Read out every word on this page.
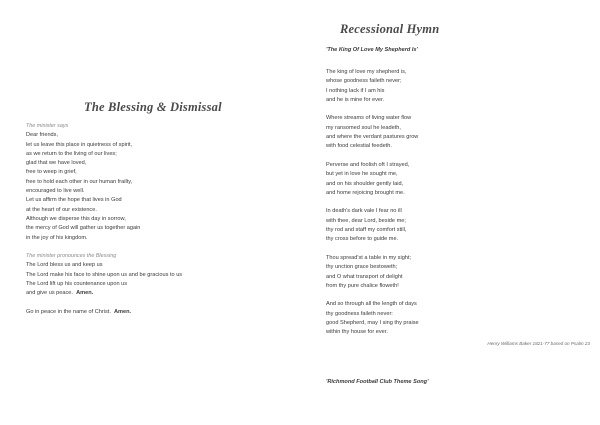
The Blessing & Dismissal
The minister says
Dear friends,
let us leave this place in quietness of spirit,
as we return to the living of our lives;
glad that we have loved,
free to weep in grief,
free to hold each other in our human frailty,
encouraged to live well.
Let us affirm the hope that lives in God
at the heart of our existence.
Although we disperse this day in sorrow,
the mercy of God will gather us together again
in the joy of his kingdom.
The minister pronounces the Blessing
The Lord bless us and keep us
The Lord make his face to shine upon us and be gracious to us
The Lord lift up his countenance upon us
and give us peace. Amen.
Go in peace in the name of Christ. Amen.
Recessional Hymn
'The King Of Love My Shepherd Is'
The king of love my shepherd is,
whose goodness faileth never;
I nothing lack if I am his
and he is mine for ever.
Where streams of living water flow
my ransomed soul he leadeth,
and where the verdant pastures grow
with food celestial feedeth.
Perverse and foolish oft I strayed,
but yet in love he sought me,
and on his shoulder gently laid,
and home rejoicing brought me.
In death's dark vale I fear no ill
with thee, dear Lord, beside me;
thy rod and staff my comfort still,
thy cross before to guide me.
Thou spread'st a table in my sight;
thy unction grace bestoweth;
and O what transport of delight
from thy pure chalice floweth!
And so through all the length of days
thy goodness faileth never:
good Shepherd, may I sing thy praise
within thy house for ever.
Henry Williams Baker 1821-77 based on Psalm 23
'Richmond Football Club Theme Song'
